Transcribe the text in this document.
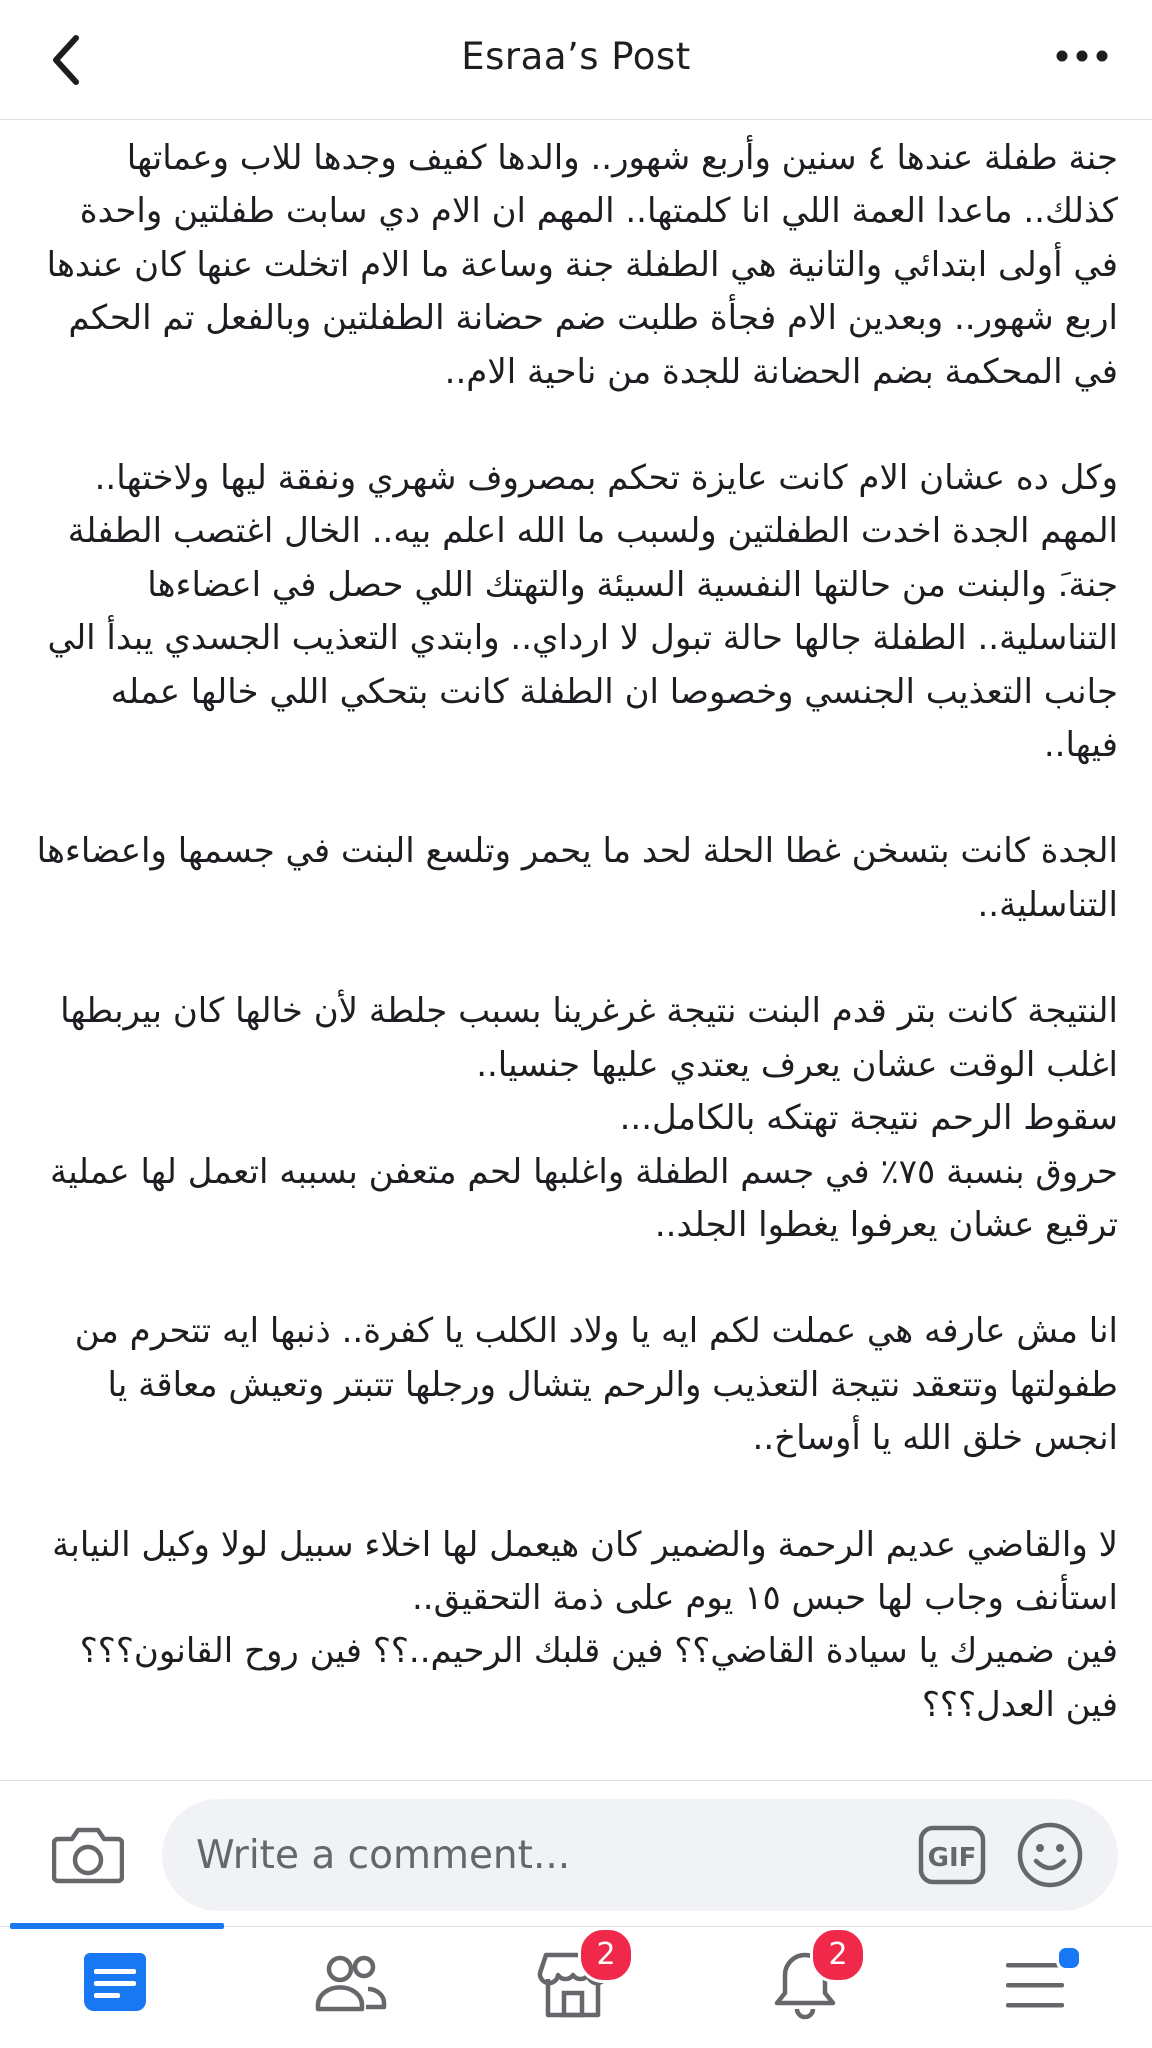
Esraa’s Post

جنة طفلة عندها ٤ سنين وأربع شهور.. والدها كفيف وجدها للاب وعماتها كذلك.. ماعدا العمة اللي انا كلمتها.. المهم ان الام دي سابت طفلتين واحدة في أولى ابتدائي والتانية هي الطفلة جنة وساعة ما الام اتخلت عنها كان عندها اربع شهور.. وبعدين الام فجأة طلبت ضم حضانة الطفلتين وبالفعل تم الحكم في المحكمة بضم الحضانة للجدة من ناحية الام..

وكل ده عشان الام كانت عايزة تحكم بمصروف شهري ونفقة ليها ولاختها..
المهم الجدة اخدت الطفلتين ولسبب ما الله اعلم بيه.. الخال اغتصب الطفلة جنة.َ والبنت من حالتها النفسية السيئة والتهتك اللي حصل في اعضاءها التناسلية.. الطفلة جالها حالة تبول لا ارداي.. وابتدي التعذيب الجسدي يبدأ الي جانب التعذيب الجنسي وخصوصا ان الطفلة كانت بتحكي اللي خالها عمله فيها..

الجدة كانت بتسخن غطا الحلة لحد ما يحمر وتلسع البنت في جسمها واعضاءها التناسلية..

النتيجة كانت بتر قدم البنت نتيجة غرغرينا بسبب جلطة لأن خالها كان بيربطها اغلب الوقت عشان يعرف يعتدي عليها جنسيا..
سقوط الرحم نتيجة تهتكه بالكامل...
حروق بنسبة ٧٥٪ في جسم الطفلة واغلبها لحم متعفن بسببه اتعمل لها عملية ترقيع عشان يعرفوا يغطوا الجلد..

انا مش عارفه هي عملت لكم ايه يا ولاد الكلب يا كفرة.. ذنبها ايه تتحرم من طفولتها وتتعقد نتيجة التعذيب والرحم يتشال ورجلها تتبتر وتعيش معاقة يا انجس خلق الله يا أوساخ..

لا والقاضي عديم الرحمة والضمير كان هيعمل لها اخلاء سبيل لولا وكيل النيابة استأنف وجاب لها حبس ١٥ يوم على ذمة التحقيق..
فين ضميرك يا سيادة القاضي؟؟ فين قلبك الرحيم..؟؟ فين روح القانون؟؟؟
فين العدل؟؟؟

Write a comment...	GIF
2	2
